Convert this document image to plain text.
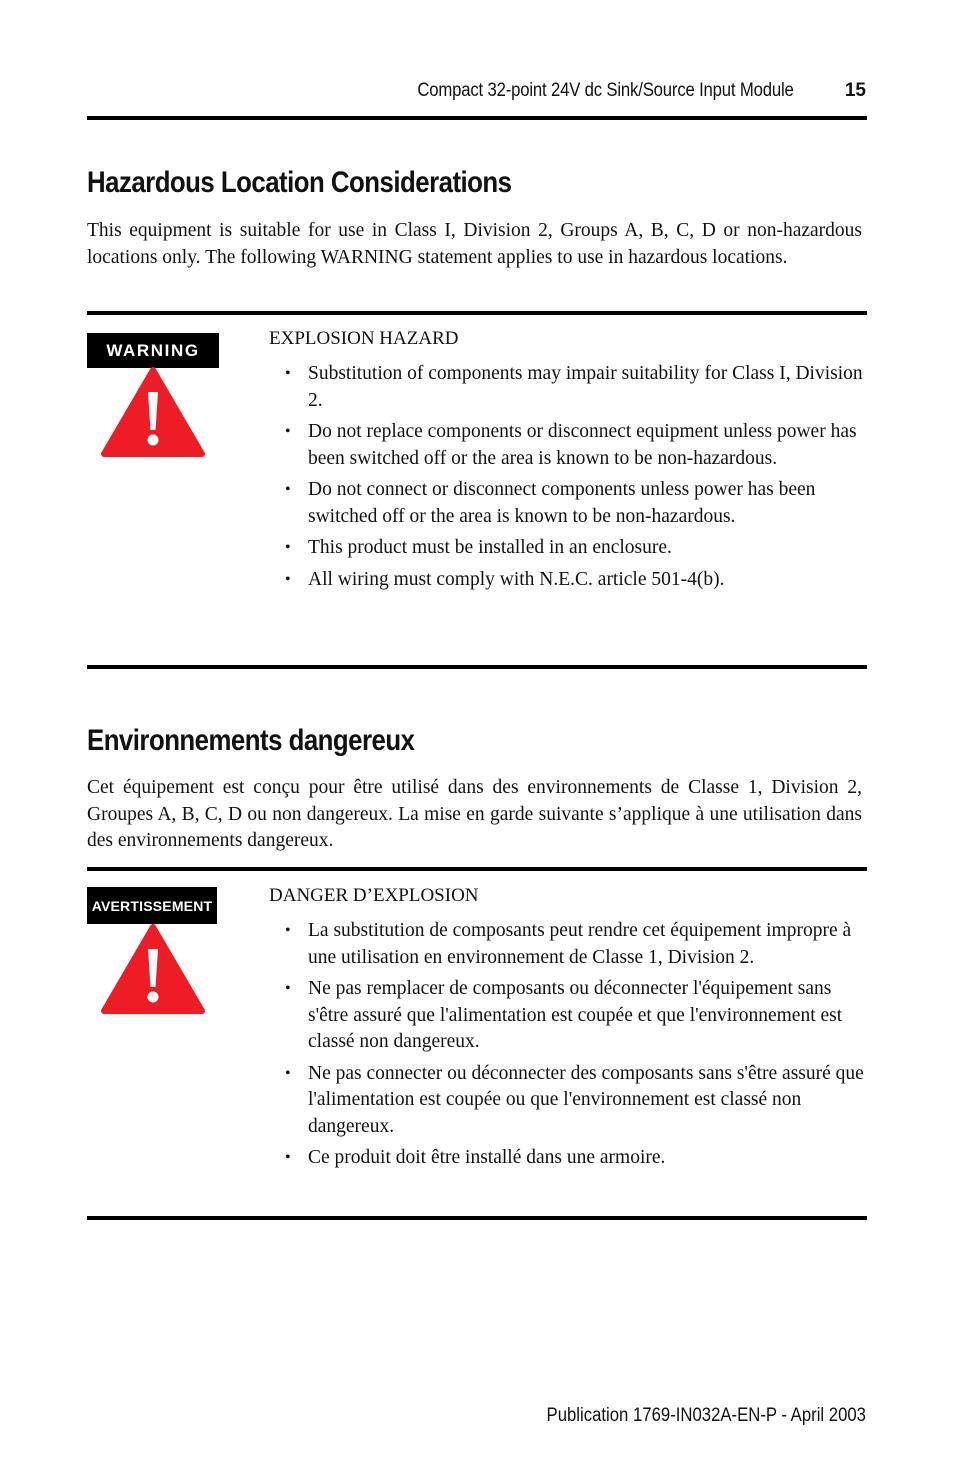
Compact 32-point 24V dc Sink/Source Input Module	15
Hazardous Location Considerations

This equipment is suitable for use in Class I, Division 2, Groups A, B, C, D or non-hazardous locations only. The following WARNING statement applies to use in hazardous locations.

WARNING

EXPLOSION HAZARD

• Substitution of components may impair suitability for Class I, Division 2.
• Do not replace components or disconnect equipment unless power has been switched off or the area is known to be non-hazardous.
• Do not connect or disconnect components unless power has been switched off or the area is known to be non-hazardous.
• This product must be installed in an enclosure.
• All wiring must comply with N.E.C. article 501-4(b).
Environnements dangereux

Cet équipement est conçu pour être utilisé dans des environnements de Classe 1, Division 2, Groupes A, B, C, D ou non dangereux. La mise en garde suivante s’applique à une utilisation dans des environnements dangereux.

AVERTISSEMENT	DANGER D’EXPLOSION

• La substitution de composants peut rendre cet équipement impropre à une utilisation en environnement de Classe 1, Division 2.
• Ne pas remplacer de composants ou déconnecter l'équipement sans s'être assuré que l'alimentation est coupée et que l'environnement est classé non dangereux.
• Ne pas connecter ou déconnecter des composants sans s'être assuré que l'alimentation est coupée ou que l'environnement est classé non dangereux.
• Ce produit doit être installé dans une armoire.
Publication 1769-IN032A-EN-P - April 2003
